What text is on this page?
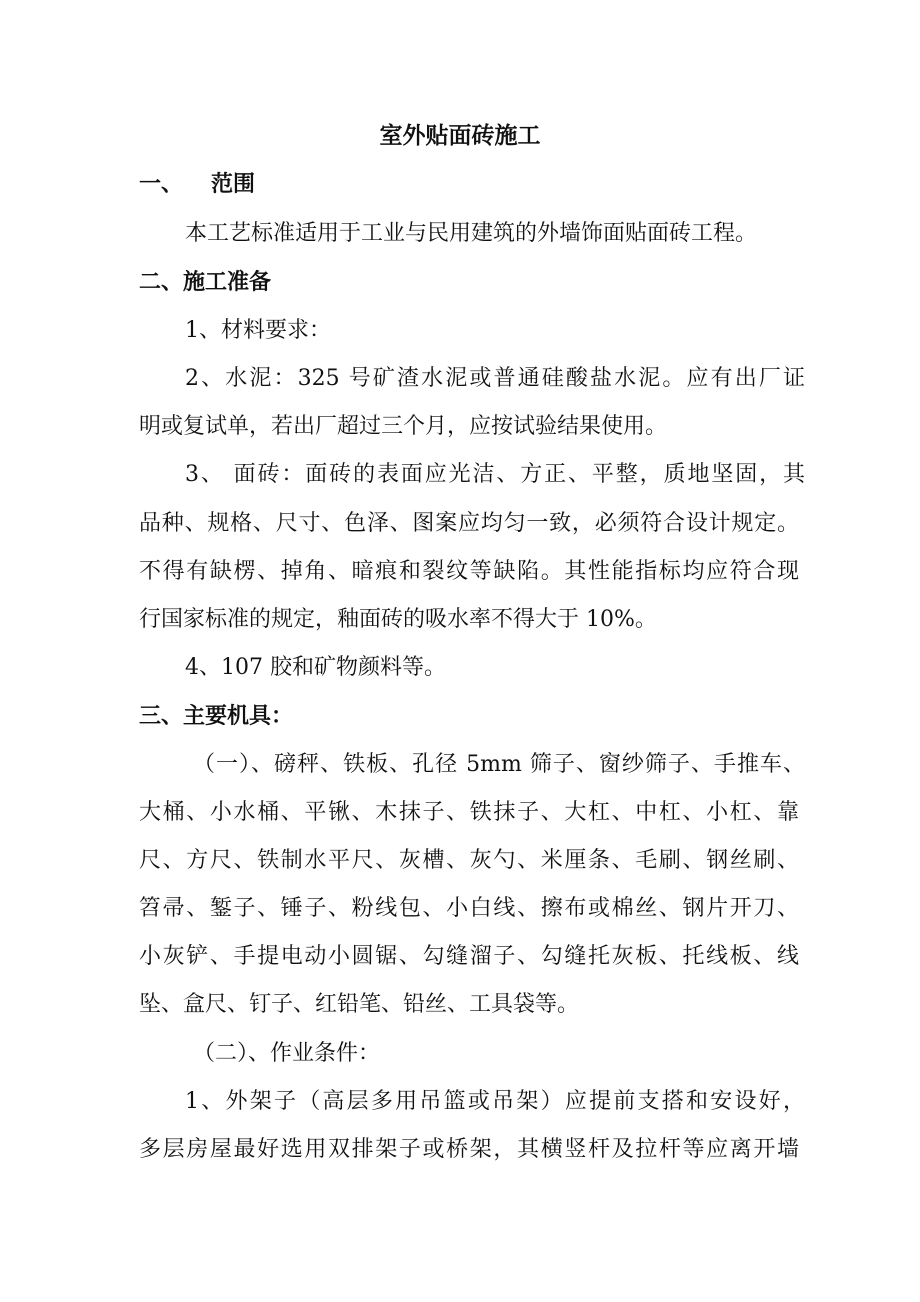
室外贴面砖施工
一、 范围
本工艺标准适用于工业与民用建筑的外墙饰面贴面砖工程。
二、施工准备
1、材料要求：
2、水泥：325 号矿渣水泥或普通硅酸盐水泥。应有出厂证
明或复试单，若出厂超过三个月，应按试验结果使用。
3、 面砖：面砖的表面应光洁、方正、平整，质地坚固，其
品种、规格、尺寸、色泽、图案应均匀一致，必须符合设计规定。
不得有缺楞、掉角、暗痕和裂纹等缺陷。其性能指标均应符合现
行国家标准的规定，釉面砖的吸水率不得大于 10%。
4、107 胶和矿物颜料等。
三、主要机具：
（一）、磅秤、铁板、孔径 5mm 筛子、窗纱筛子、手推车、
大桶、小水桶、平锹、木抹子、铁抹子、大杠、中杠、小杠、靠
尺、方尺、铁制水平尺、灰槽、灰勺、米厘条、毛刷、钢丝刷、
笤帚、錾子、锤子、粉线包、小白线、擦布或棉丝、钢片开刀、
小灰铲、手提电动小圆锯、勾缝溜子、勾缝托灰板、托线板、线
坠、盒尺、钉子、红铅笔、铅丝、工具袋等。
（二）、作业条件：
1、外架子（高层多用吊篮或吊架）应提前支搭和安设好，
多层房屋最好选用双排架子或桥架，其横竖杆及拉杆等应离开墙
